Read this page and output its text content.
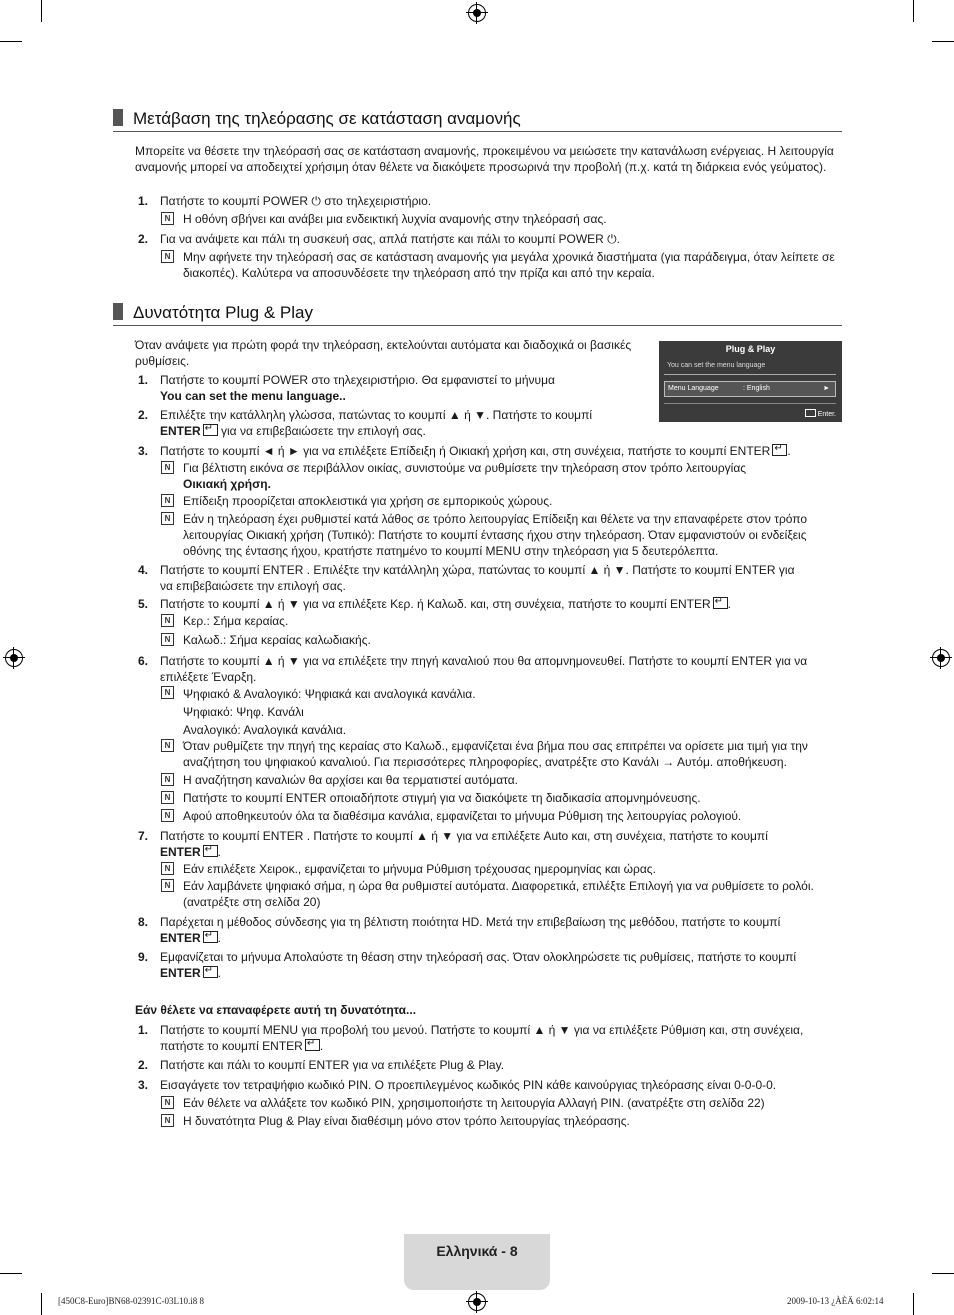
Μετάβαση της τηλεόρασης σε κατάσταση αναμονής
Μπορείτε να θέσετε την τηλεόρασή σας σε κατάσταση αναμονής, προκειμένου να μειώσετε την κατανάλωση ενέργειας. Η λειτουργία αναμονής μπορεί να αποδειχτεί χρήσιμη όταν θέλετε να διακόψετε προσωρινά την προβολή (π.χ. κατά τη διάρκεια ενός γεύματος).
1. Πατήστε το κουμπί POWER ⏻ στο τηλεχειριστήριο.
N	Η οθόνη σβήνει και ανάβει μια ενδεικτική λυχνία αναμονής στην τηλεόρασή σας.
2. Για να ανάψετε και πάλι τη συσκευή σας, απλά πατήστε και πάλι το κουμπί POWER ⏻.
N	Μην αφήνετε την τηλεόρασή σας σε κατάσταση αναμονής για μεγάλα χρονικά διαστήματα (για παράδειγμα, όταν λείπετε σε διακοπές). Καλύτερα να αποσυνδέσετε την τηλεόραση από την πρίζα και από την κεραία.
Δυνατότητα Plug & Play
Όταν ανάψετε για πρώτη φορά την τηλεόραση, εκτελούνται αυτόματα και διαδοχικά οι βασικές ρυθμίσεις.
Plug & Play
You can set the menu language
Menu Language	: English	►
Enter.
1. Πατήστε το κουμπί POWER στο τηλεχειριστήριο. Θα εμφανιστεί το μήνυμα
You can set the menu language..
2. Επιλέξτε την κατάλληλη γλώσσα, πατώντας το κουμπί ▲ ή ▼. Πατήστε το κουμπί
ENTER ↵ για να επιβεβαιώσετε την επιλογή σας.
3. Πατήστε το κουμπί ◄ ή ► για να επιλέξετε Επίδειξη ή Οικιακή χρήση και, στη συνέχεια, πατήστε το κουμπί ENTER ↵ .
N	Για βέλτιστη εικόνα σε περιβάλλον οικίας, συνιστούμε να ρυθμίσετε την τηλεόραση στον τρόπο λειτουργίας
Οικιακή χρήση.
N	Επίδειξη προορίζεται αποκλειστικά για χρήση σε εμπορικούς χώρους.
N	Εάν η τηλεόραση έχει ρυθμιστεί κατά λάθος σε τρόπο λειτουργίας Επίδειξη και θέλετε να την επαναφέρετε στον τρόπο
λειτουργίας Οικιακή χρήση (Τυπικό): Πατήστε το κουμπί έντασης ήχου στην τηλεόραση. Όταν εμφανιστούν οι ενδείξεις
οθόνης της έντασης ήχου, κρατήστε πατημένο το κουμπί MENU στην τηλεόραση για 5 δευτερόλεπτα.
4. Πατήστε το κουμπί ENTER . Επιλέξτε την κατάλληλη χώρα, πατώντας το κουμπί ▲ ή ▼. Πατήστε το κουμπί ENTER για
να επιβεβαιώσετε την επιλογή σας.
5. Πατήστε το κουμπί ▲ ή ▼ για να επιλέξετε Κερ. ή Καλωδ. και, στη συνέχεια, πατήστε το κουμπί ENTER ↵ .
N	Κερ.: Σήμα κεραίας.
N	Καλωδ.: Σήμα κεραίας καλωδιακής.
6. Πατήστε το κουμπί ▲ ή ▼ για να επιλέξετε την πηγή καναλιού που θα απομνημονευθεί. Πατήστε το κουμπί ENTER για να
επιλέξετε Έναρξη.
N	Ψηφιακό & Αναλογικό: Ψηφιακά και αναλογικά κανάλια.
Ψηφιακό: Ψηφ. Κανάλι
Αναλογικό: Αναλογικά κανάλια.
N	Όταν ρυθμίζετε την πηγή της κεραίας στο Καλωδ., εμφανίζεται ένα βήμα που σας επιτρέπει να ορίσετε μια τιμή για την
αναζήτηση του ψηφιακού καναλιού. Για περισσότερες πληροφορίες, ανατρέξτε στο Κανάλι → Αυτόμ. αποθήκευση.
N	Η αναζήτηση καναλιών θα αρχίσει και θα τερματιστεί αυτόματα.
N	Πατήστε το κουμπί ENTER οποιαδήποτε στιγμή για να διακόψετε τη διαδικασία απομνημόνευσης.
N	Αφού αποθηκευτούν όλα τα διαθέσιμα κανάλια, εμφανίζεται το μήνυμα Ρύθμιση της λειτουργίας ρολογιού.
7. Πατήστε το κουμπί ENTER . Πατήστε το κουμπί ▲ ή ▼ για να επιλέξετε Auto και, στη συνέχεια, πατήστε το κουμπί
ENTER ↵ .
N	Εάν επιλέξετε Χειροκ., εμφανίζεται το μήνυμα Ρύθμιση τρέχουσας ημερομηνίας και ώρας.
N	Εάν λαμβάνετε ψηφιακό σήμα, η ώρα θα ρυθμιστεί αυτόματα. Διαφορετικά, επιλέξτε Επιλογή για να ρυθμίσετε το ρολόι.
(ανατρέξτε στη σελίδα 20)
8. Παρέχεται η μέθοδος σύνδεσης για τη βέλτιστη ποιότητα HD. Μετά την επιβεβαίωση της μεθόδου, πατήστε το κουμπί
ENTER ↵ .
9. Εμφανίζεται το μήνυμα Απολαύστε τη θέαση στην τηλεόρασή σας. Όταν ολοκληρώσετε τις ρυθμίσεις, πατήστε το κουμπί
ENTER ↵ .
Εάν θέλετε να επαναφέρετε αυτή τη δυνατότητα...
1. Πατήστε το κουμπί MENU για προβολή του μενού. Πατήστε το κουμπί ▲ ή ▼ για να επιλέξετε Ρύθμιση και, στη συνέχεια,
πατήστε το κουμπί ENTER ↵ .
2. Πατήστε και πάλι το κουμπί ENTER για να επιλέξετε Plug & Play.
3. Εισαγάγετε τον τετραψήφιο κωδικό PIN. Ο προεπιλεγμένος κωδικός PIN κάθε καινούργιας τηλεόρασης είναι 0-0-0-0.
N	Εάν θέλετε να αλλάξετε τον κωδικό PIN, χρησιμοποιήστε τη λειτουργία Αλλαγή PIN. (ανατρέξτε στη σελίδα 22)
N	Η δυνατότητα Plug & Play είναι διαθέσιμη μόνο στον τρόπο λειτουργίας τηλεόρασης.
Ελληνικά - 8
[450C8-Euro]BN68-02391C-03L10.i8 8	2009-10-13 ¿ÀÈÄ 6:02:14
